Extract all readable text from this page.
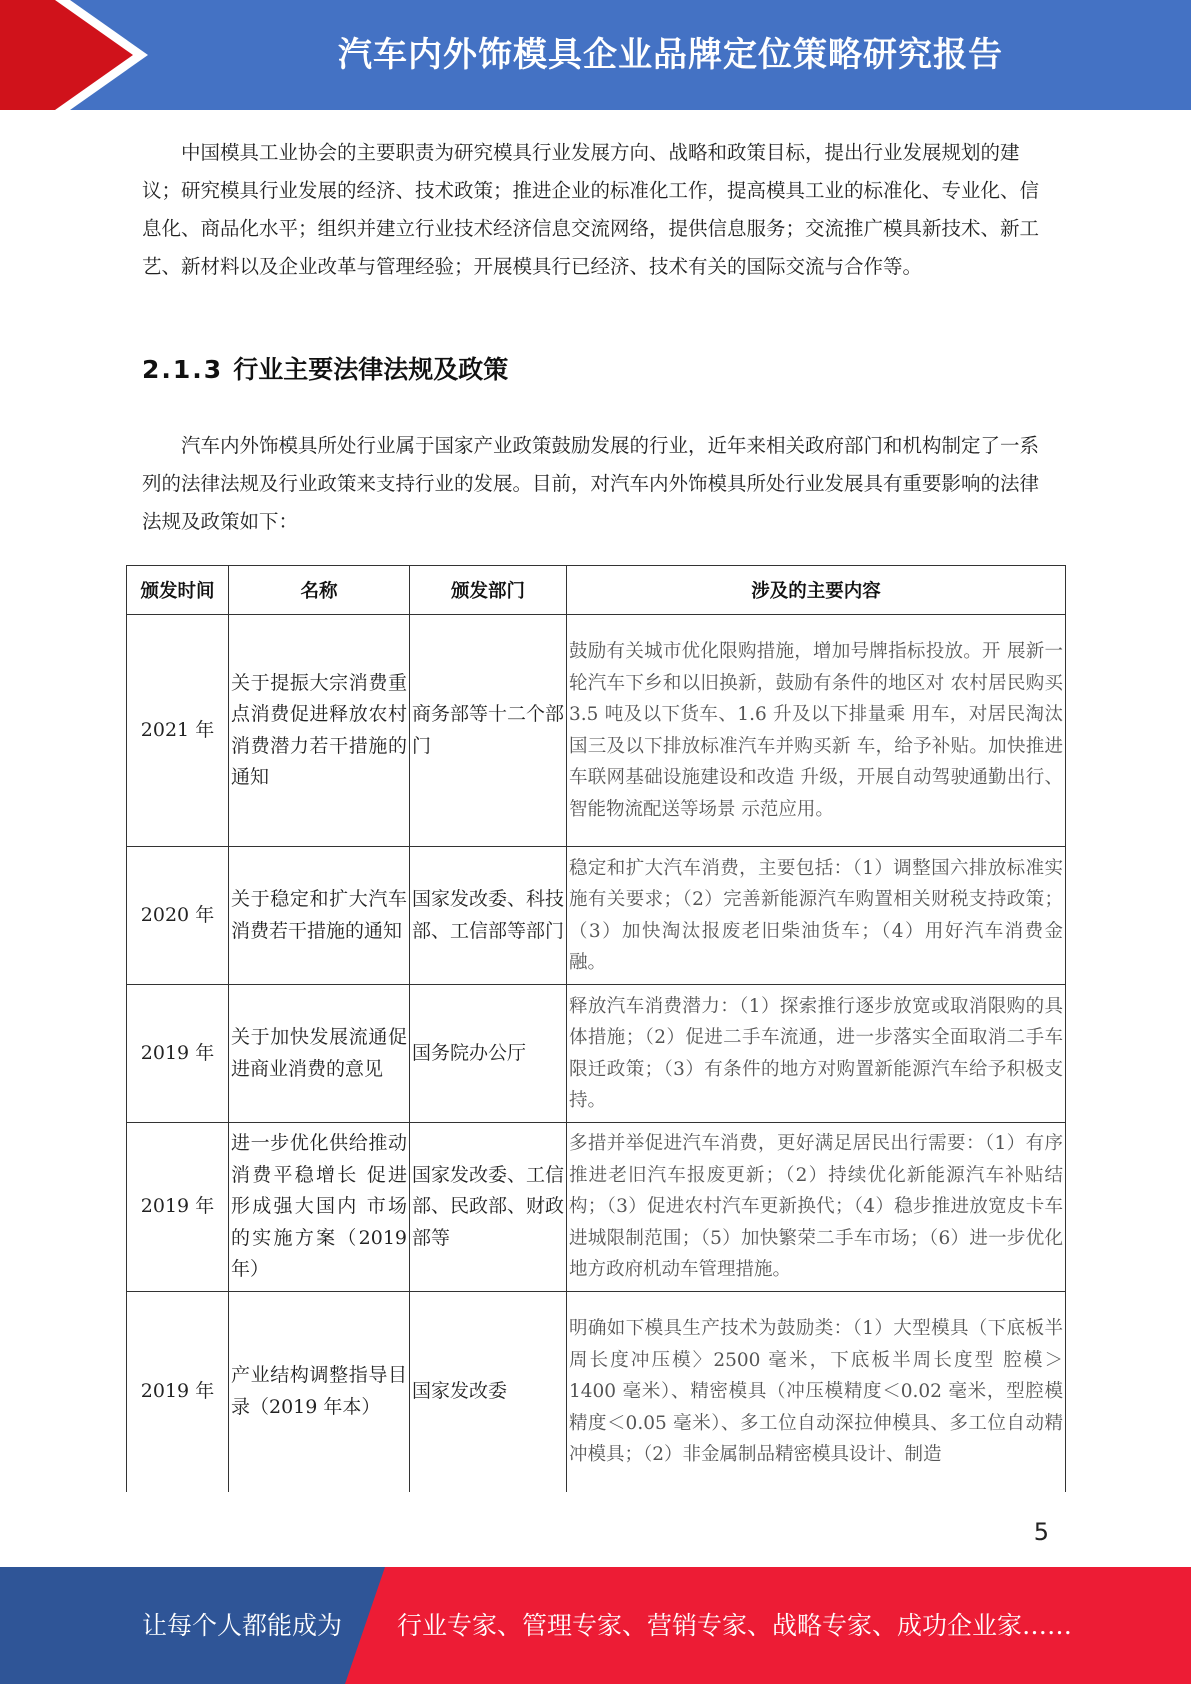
汽车内外饰模具企业品牌定位策略研究报告

中国模具工业协会的主要职责为研究模具行业发展方向、战略和政策目标，提出行业发展规划的建议；研究模具行业发展的经济、技术政策；推进企业的标准化工作，提高模具工业的标准化、专业化、信息化、商品化水平；组织并建立行业技术经济信息交流网络，提供信息服务；交流推广模具新技术、新工艺、新材料以及企业改革与管理经验；开展模具行已经济、技术有关的国际交流与合作等。

2.1.3 行业主要法律法规及政策

汽车内外饰模具所处行业属于国家产业政策鼓励发展的行业，近年来相关政府部门和机构制定了一系列的法律法规及行业政策来支持行业的发展。目前，对汽车内外饰模具所处行业发展具有重要影响的法律法规及政策如下：

颁发时间	名称	颁发部门	涉及的主要内容
2021 年	关于提振大宗消费重点消费促进释放农村消费潜力若干措施的通知	商务部等十二个部门	鼓励有关城市优化限购措施，增加号牌指标投放。开 展新一轮汽车下乡和以旧换新，鼓励有条件的地区对 农村居民购买 3.5 吨及以下货车、1.6 升及以下排量乘 用车，对居民淘汰国三及以下排放标准汽车并购买新 车，给予补贴。加快推进车联网基础设施建设和改造 升级，开展自动驾驶通勤出行、智能物流配送等场景 示范应用。
2020 年	关于稳定和扩大汽车消费若干措施的通知	国家发改委、科技部、工信部等部门	稳定和扩大汽车消费，主要包括：（1）调整国六排放标准实施有关要求；（2）完善新能源汽车购置相关财税支持政策；（3）加快淘汰报废老旧柴油货车；（4）用好汽车消费金融。
2019 年	关于加快发展流通促进商业消费的意见	国务院办公厅	释放汽车消费潜力：（1）探索推行逐步放宽或取消限购的具体措施；（2）促进二手车流通，进一步落实全面取消二手车限迁政策；（3）有条件的地方对购置新能源汽车给予积极支持。
2019 年	进一步优化供给推动消费平稳增长 促进形成强大国内 市场的实施方案（2019 年）	国家发改委、工信部、民政部、财政部等	多措并举促进汽车消费，更好满足居民出行需要：（1）有序推进老旧汽车报废更新；（2）持续优化新能源汽车补贴结构；（3）促进农村汽车更新换代；（4）稳步推进放宽皮卡车进城限制范围；（5）加快繁荣二手车市场；（6）进一步优化地方政府机动车管理措施。
2019 年	产业结构调整指导目录（2019 年本）	国家发改委	明确如下模具生产技术为鼓励类：（1）大型模具（下底板半周长度冲压模〉2500 毫米，下底板半周长度型 腔模＞1400 毫米）、精密模具（冲压模精度＜0.02 毫米，型腔模精度＜0.05 毫米）、多工位自动深拉伸模具、多工位自动精冲模具；（2）非金属制品精密模具设计、制造
5
让每个人都能成为 行业专家、管理专家、营销专家、战略专家、成功企业家……
